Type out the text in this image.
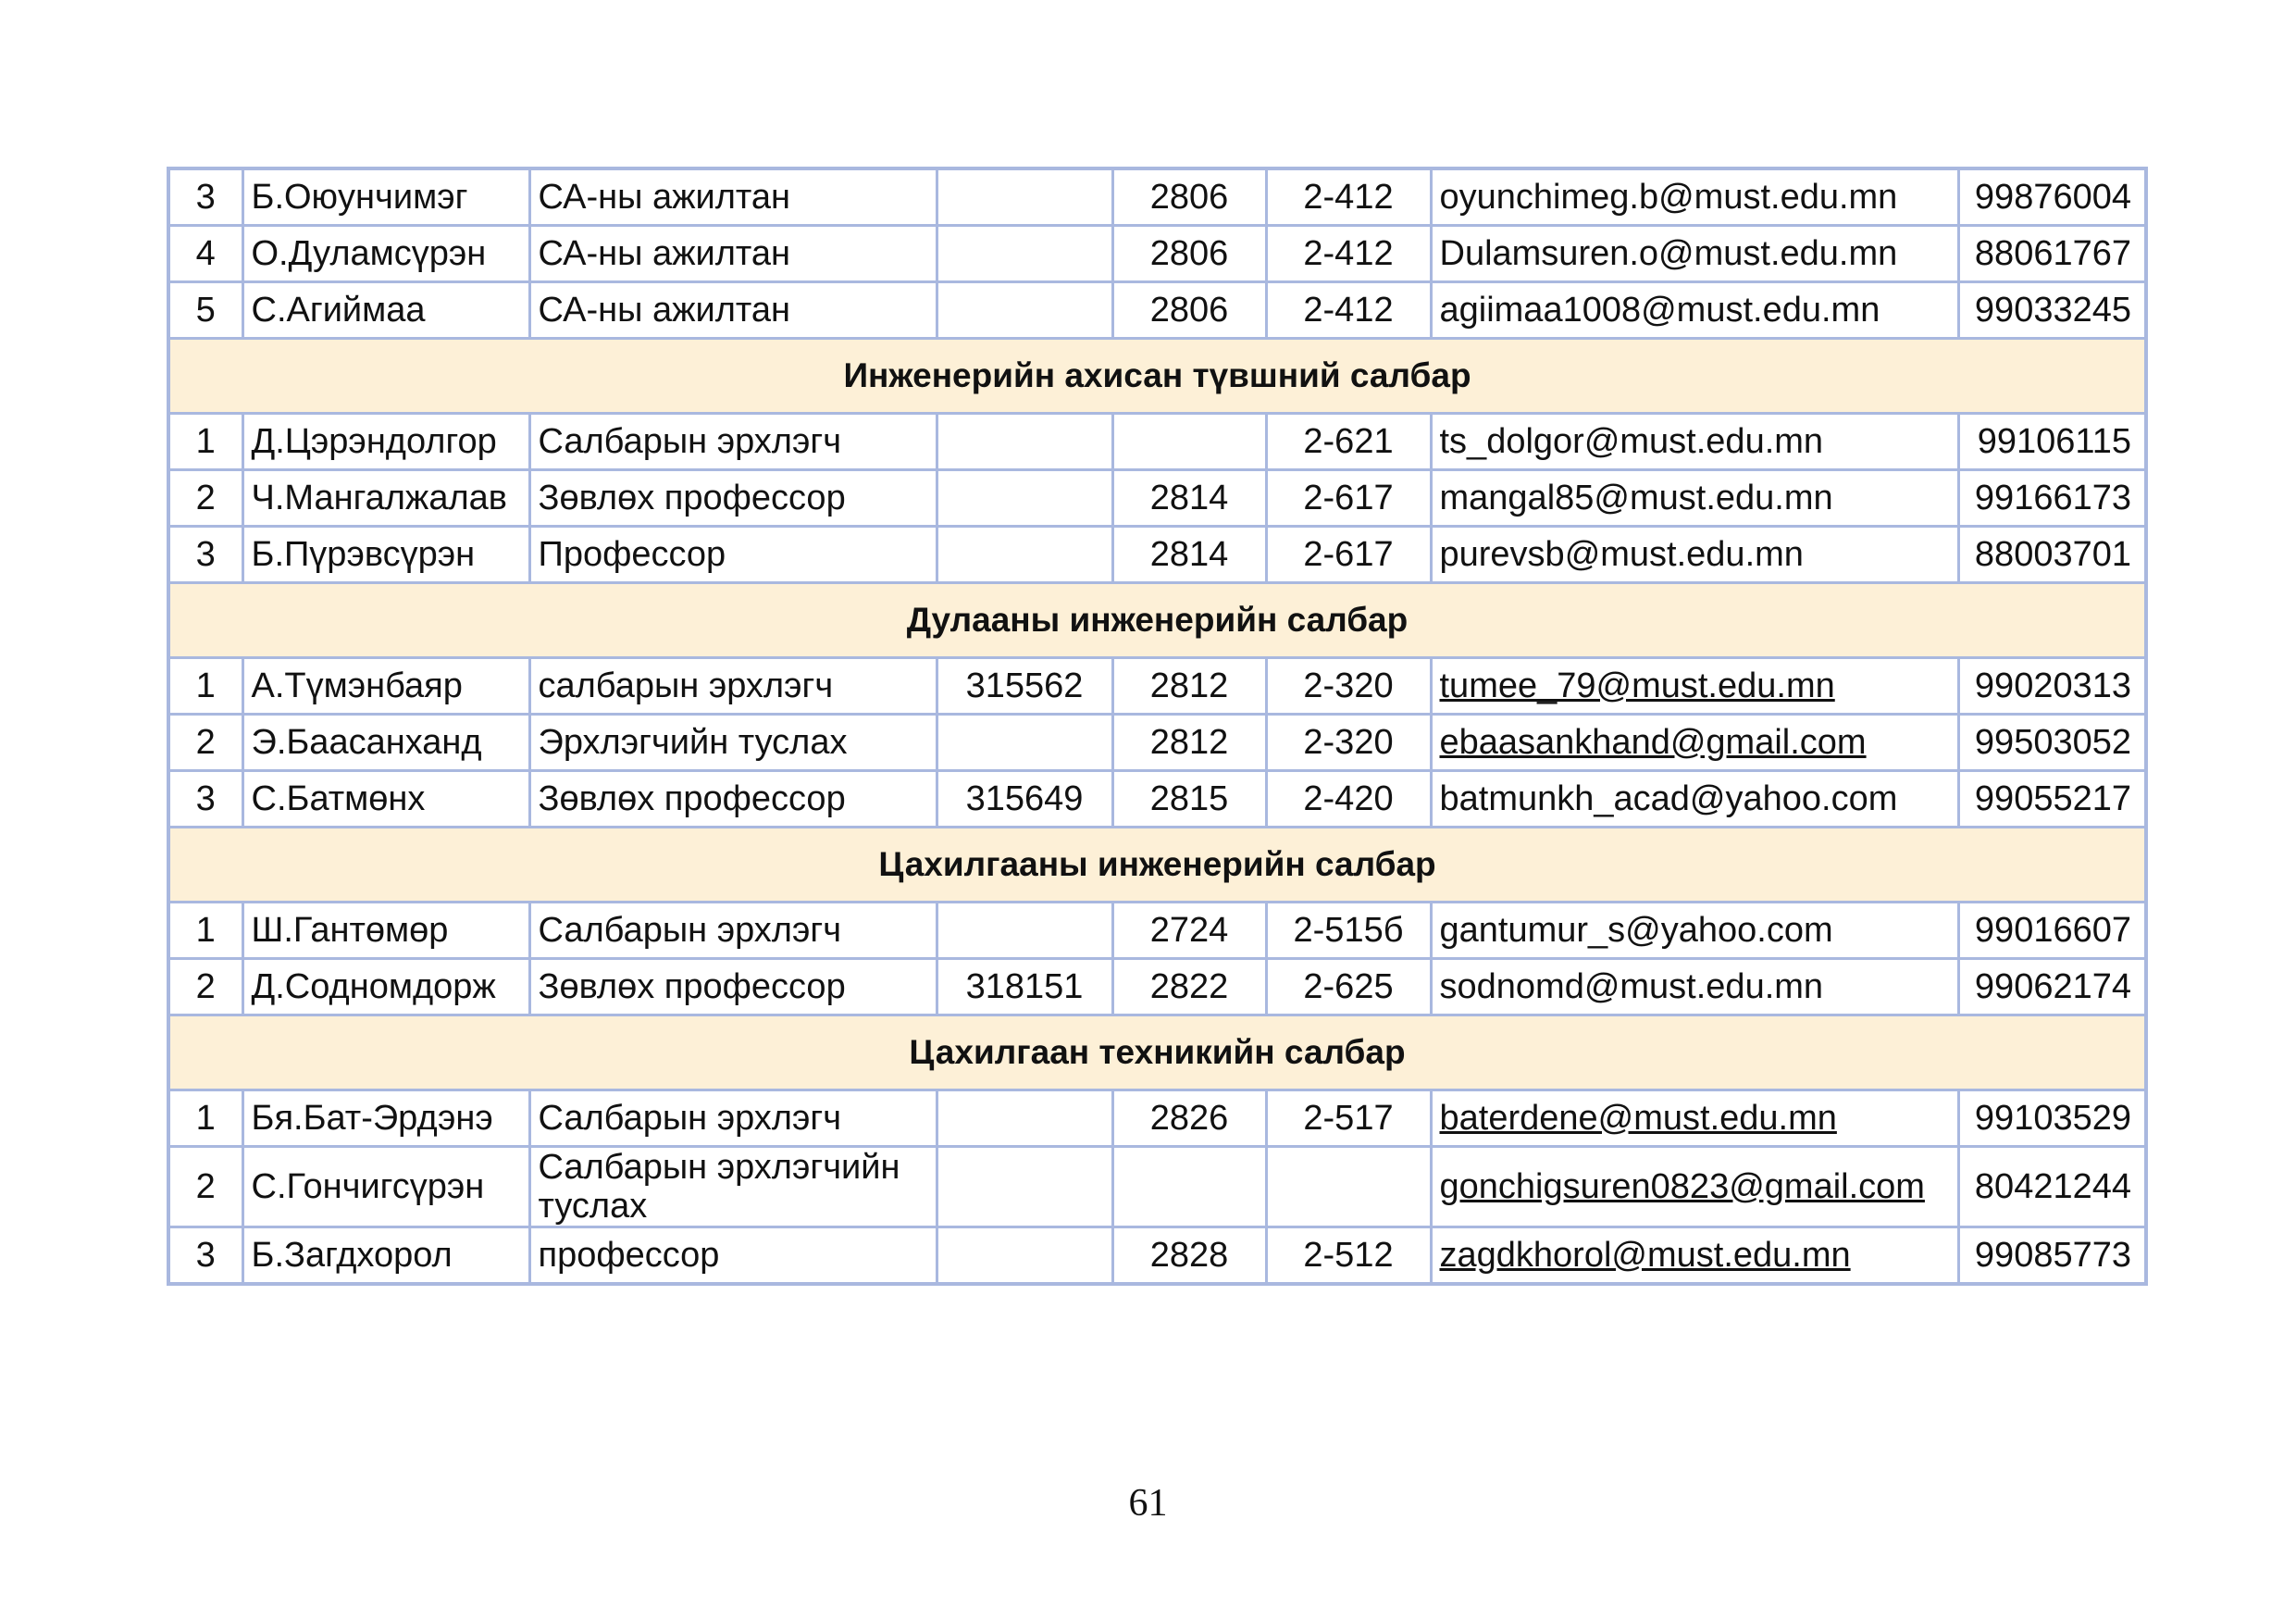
3	Б.Оюунчимэг	СА-ны ажилтан		2806	2-412	oyunchimeg.b@must.edu.mn	99876004
4	О.Дуламсүрэн	СА-ны ажилтан		2806	2-412	Dulamsuren.o@must.edu.mn	88061767
5	С.Агиймаа	СА-ны ажилтан		2806	2-412	agiimaa1008@must.edu.mn	99033245
Инженерийн ахисан түвшний салбар							
1	Д.Цэрэндолгор	Салбарын эрхлэгч			2-621	ts_dolgor@must.edu.mn	99106115
2	Ч.Мангалжалав	Зөвлөх профессор		2814	2-617	mangal85@must.edu.mn	99166173
3	Б.Пүрэвсүрэн	Профессор		2814	2-617	purevsb@must.edu.mn	88003701
Дулааны инженерийн салбар							
1	А.Түмэнбаяр	салбарын эрхлэгч	315562	2812	2-320	tumee_79@must.edu.mn	99020313
2	Э.Баасанханд	Эрхлэгчийн туслах		2812	2-320	ebaasankhand@gmail.com	99503052
3	С.Батмөнх	Зөвлөх профессор	315649	2815	2-420	batmunkh_acad@yahoo.com	99055217
Цахилгааны инженерийн салбар							
1	Ш.Гантөмөр	Салбарын эрхлэгч		2724	2-515б	gantumur_s@yahoo.com	99016607
2	Д.Содномдорж	Зөвлөх профессор	318151	2822	2-625	sodnomd@must.edu.mn	99062174
Цахилгаан техникийн салбар							
1	Бя.Бат-Эрдэнэ	Салбарын эрхлэгч		2826	2-517	baterdene@must.edu.mn	99103529
2	С.Гончигсүрэн	Салбарын эрхлэгчийн туслах				gonchigsuren0823@gmail.com	80421244
3	Б.Загдхорол	профессор		2828	2-512	zagdkhorol@must.edu.mn	99085773
61
